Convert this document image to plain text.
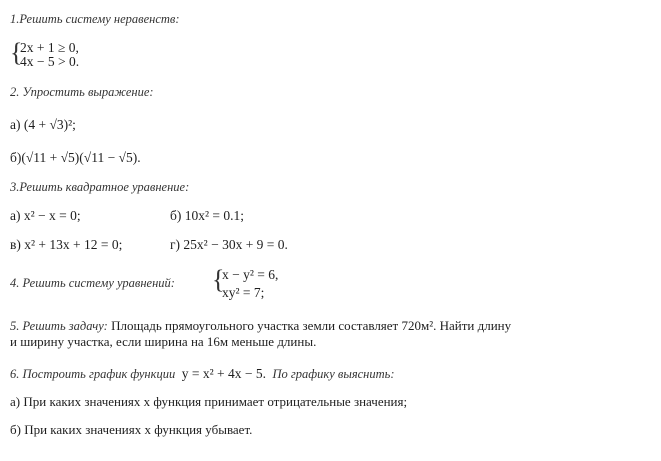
1.Решить систему неравенств:
{
2x + 1 ≥ 0,
4x − 5 > 0.
2. Упростить выражение:
а) (4 + √3)²;
б)(√11 + √5)(√11 − √5).
3.Решить квадратное уравнение:
а) x² − x = 0;	б) 10x² = 0.1;
в) x² + 13x + 12 = 0;	г) 25x² − 30x + 9 = 0.
4. Решить систему уравнений: {
x − y² = 6,
xy² = 7;
5. Решить задачу: Площадь прямоугольного участка земли составляет 720м². Найти длину
и ширину участка, если ширина на 16м меньше длины.
6. Построить график функции y = x² + 4x − 5. По графику выяснить:
а) При каких значениях x функция принимает отрицательные значения;
б) При каких значениях x функция убывает.
